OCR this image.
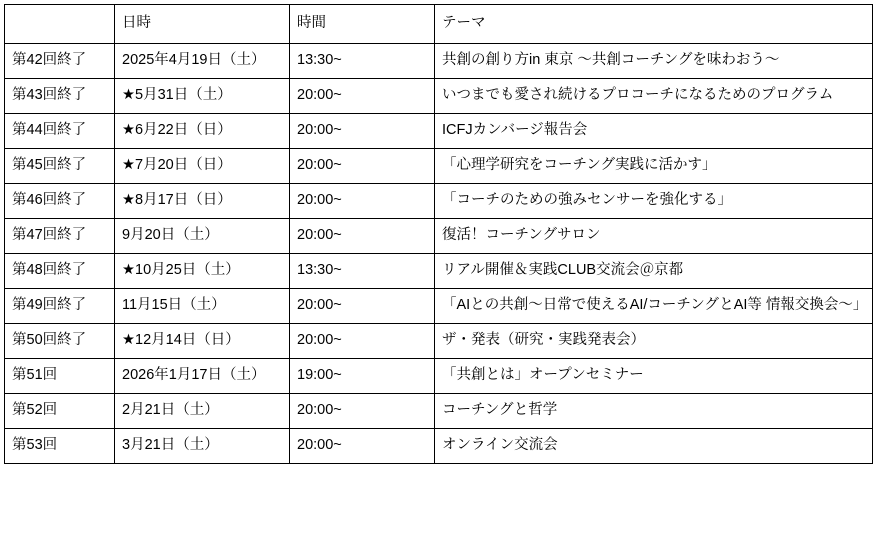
	日時	時間	テーマ
第42回終了	2025年4月19日（土）	13:30~	共創の創り方in 東京 〜共創コーチングを味わおう〜
第43回終了	★5月31日（土）	20:00~	いつまでも愛され続けるプロコーチになるためのプログラム
第44回終了	★6月22日（日）	20:00~	ICFJカンバージ報告会
第45回終了	★7月20日（日）	20:00~	「心理学研究をコーチング実践に活かす」
第46回終了	★8月17日（日）	20:00~	「コーチのための強みセンサーを強化する」
第47回終了	9月20日（土）	20:00~	復活！コーチングサロン
第48回終了	★10月25日（土）	13:30~	リアル開催＆実践CLUB交流会＠京都
第49回終了	11月15日（土）	20:00~	「AIとの共創〜日常で使えるAI/コーチングとAI等 情報交換会〜」
第50回終了	★12月14日（日）	20:00~	ザ・発表（研究・実践発表会）
第51回	2026年1月17日（土）	19:00~	「共創とは」オープンセミナー
第52回	2月21日（土）	20:00~	コーチングと哲学
第53回	3月21日（土）	20:00~	オンライン交流会
